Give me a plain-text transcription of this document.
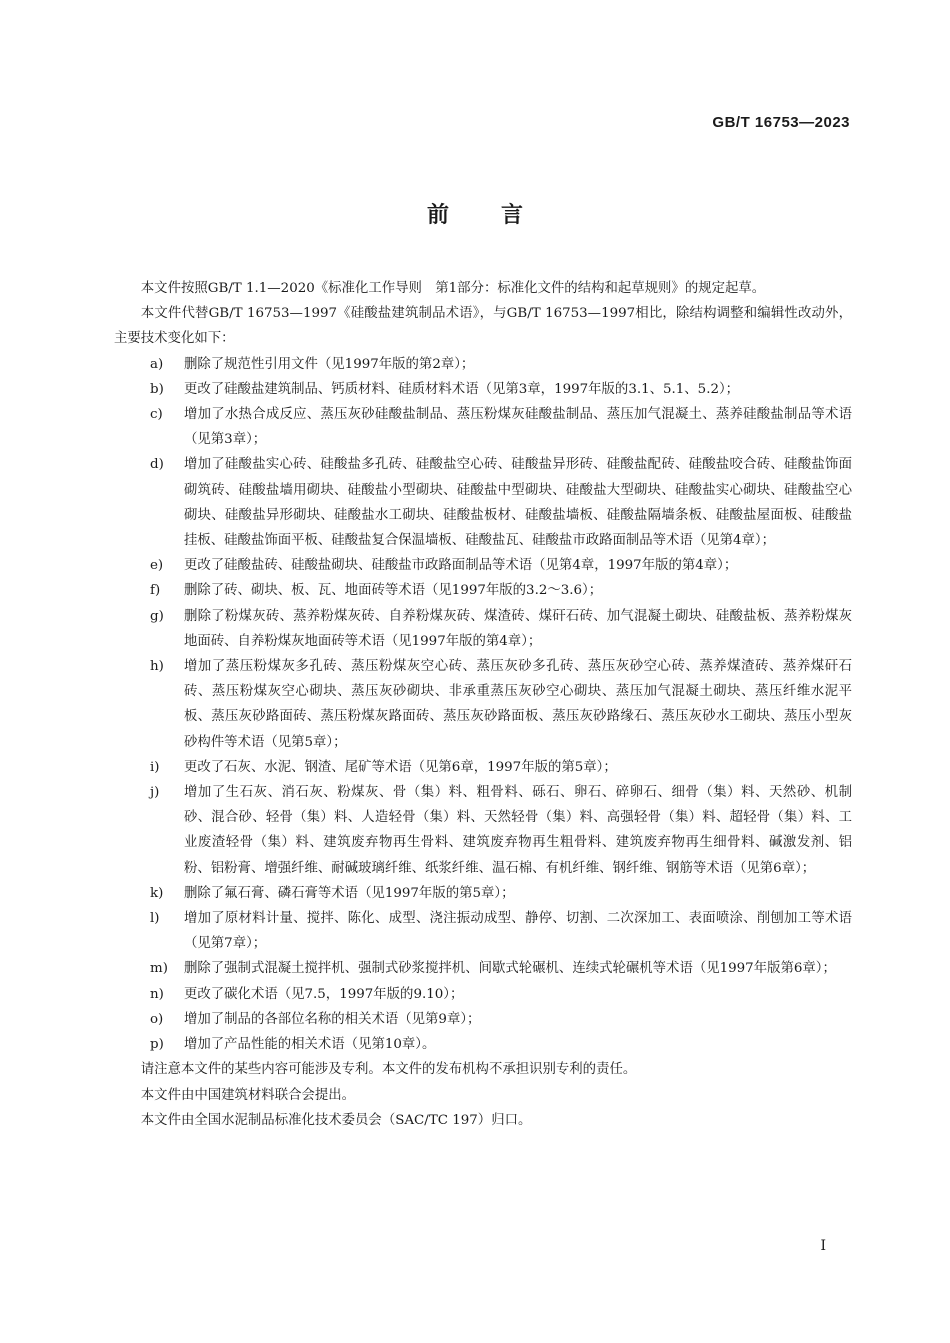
GB/T 16753—2023
前言

本文件按照GB/T 1.1—2020《标准化工作导则　第1部分：标准化文件的结构和起草规则》的规定起草。

本文件代替GB/T 16753—1997《硅酸盐建筑制品术语》，与GB/T 16753—1997相比，除结构调整和编辑性改动外，主要技术变化如下：

a)	删除了规范性引用文件（见1997年版的第2章）；
b)	更改了硅酸盐建筑制品、钙质材料、硅质材料术语（见第3章，1997年版的3.1、5.1、5.2）；
c)	增加了水热合成反应、蒸压灰砂硅酸盐制品、蒸压粉煤灰硅酸盐制品、蒸压加气混凝土、蒸养硅酸盐制品等术语（见第3章）；
d)	增加了硅酸盐实心砖、硅酸盐多孔砖、硅酸盐空心砖、硅酸盐异形砖、硅酸盐配砖、硅酸盐咬合砖、硅酸盐饰面砌筑砖、硅酸盐墙用砌块、硅酸盐小型砌块、硅酸盐中型砌块、硅酸盐大型砌块、硅酸盐实心砌块、硅酸盐空心砌块、硅酸盐异形砌块、硅酸盐水工砌块、硅酸盐板材、硅酸盐墙板、硅酸盐隔墙条板、硅酸盐屋面板、硅酸盐挂板、硅酸盐饰面平板、硅酸盐复合保温墙板、硅酸盐瓦、硅酸盐市政路面制品等术语（见第4章）；
e)	更改了硅酸盐砖、硅酸盐砌块、硅酸盐市政路面制品等术语（见第4章，1997年版的第4章）；
f)	删除了砖、砌块、板、瓦、地面砖等术语（见1997年版的3.2～3.6）；
g)	删除了粉煤灰砖、蒸养粉煤灰砖、自养粉煤灰砖、煤渣砖、煤矸石砖、加气混凝土砌块、硅酸盐板、蒸养粉煤灰地面砖、自养粉煤灰地面砖等术语（见1997年版的第4章）；
h)	增加了蒸压粉煤灰多孔砖、蒸压粉煤灰空心砖、蒸压灰砂多孔砖、蒸压灰砂空心砖、蒸养煤渣砖、蒸养煤矸石砖、蒸压粉煤灰空心砌块、蒸压灰砂砌块、非承重蒸压灰砂空心砌块、蒸压加气混凝土砌块、蒸压纤维水泥平板、蒸压灰砂路面砖、蒸压粉煤灰路面砖、蒸压灰砂路面板、蒸压灰砂路缘石、蒸压灰砂水工砌块、蒸压小型灰砂构件等术语（见第5章）；
i)	更改了石灰、水泥、钢渣、尾矿等术语（见第6章，1997年版的第5章）；
j)	增加了生石灰、消石灰、粉煤灰、骨（集）料、粗骨料、砾石、卵石、碎卵石、细骨（集）料、天然砂、机制砂、混合砂、轻骨（集）料、人造轻骨（集）料、天然轻骨（集）料、高强轻骨（集）料、超轻骨（集）料、工业废渣轻骨（集）料、建筑废弃物再生骨料、建筑废弃物再生粗骨料、建筑废弃物再生细骨料、碱激发剂、铝粉、铝粉膏、增强纤维、耐碱玻璃纤维、纸浆纤维、温石棉、有机纤维、钢纤维、钢筋等术语（见第6章）；
k)	删除了氟石膏、磷石膏等术语（见1997年版的第5章）；
l)	增加了原材料计量、搅拌、陈化、成型、浇注振动成型、静停、切割、二次深加工、表面喷涂、削刨加工等术语（见第7章）；
m)	删除了强制式混凝土搅拌机、强制式砂浆搅拌机、间歇式轮碾机、连续式轮碾机等术语（见1997年版第6章）；
n)	更改了碳化术语（见7.5，1997年版的9.10）；
o)	增加了制品的各部位名称的相关术语（见第9章）；
p)	增加了产品性能的相关术语（见第10章）。

请注意本文件的某些内容可能涉及专利。本文件的发布机构不承担识别专利的责任。

本文件由中国建筑材料联合会提出。

本文件由全国水泥制品标准化技术委员会（SAC/TC 197）归口。

I
